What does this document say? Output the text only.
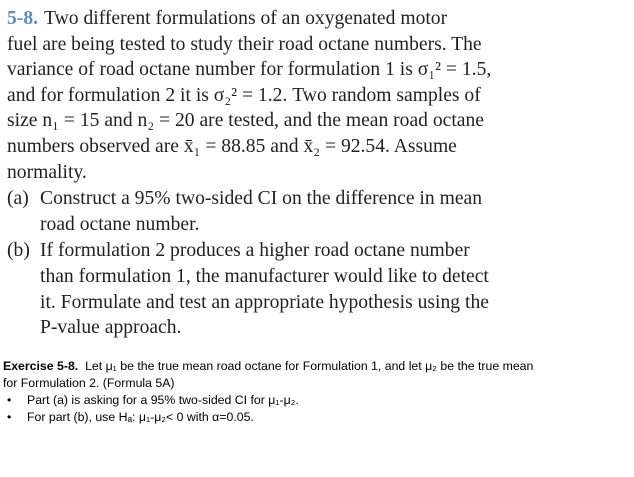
5-8. Two different formulations of an oxygenated motor
fuel are being tested to study their road octane numbers. The
variance of road octane number for formulation 1 is σ₁² = 1.5,
and for formulation 2 it is σ₂² = 1.2. Two random samples of
size n₁ = 15 and n₂ = 20 are tested, and the mean road octane
numbers observed are x̄₁ = 88.85 and x̄₂ = 92.54. Assume
normality.
(a) Construct a 95% two-sided CI on the difference in mean
road octane number.
(b) If formulation 2 produces a higher road octane number
than formulation 1, the manufacturer would like to detect
it. Formulate and test an appropriate hypothesis using the
P-value approach.
Exercise 5-8. Let μ₁ be the true mean road octane for Formulation 1, and let μ₂ be the true mean
for Formulation 2. (Formula 5A)
• Part (a) is asking for a 95% two-sided CI for μ₁-μ₂.
• For part (b), use Hₐ: μ₁-μ₂< 0 with α=0.05.
